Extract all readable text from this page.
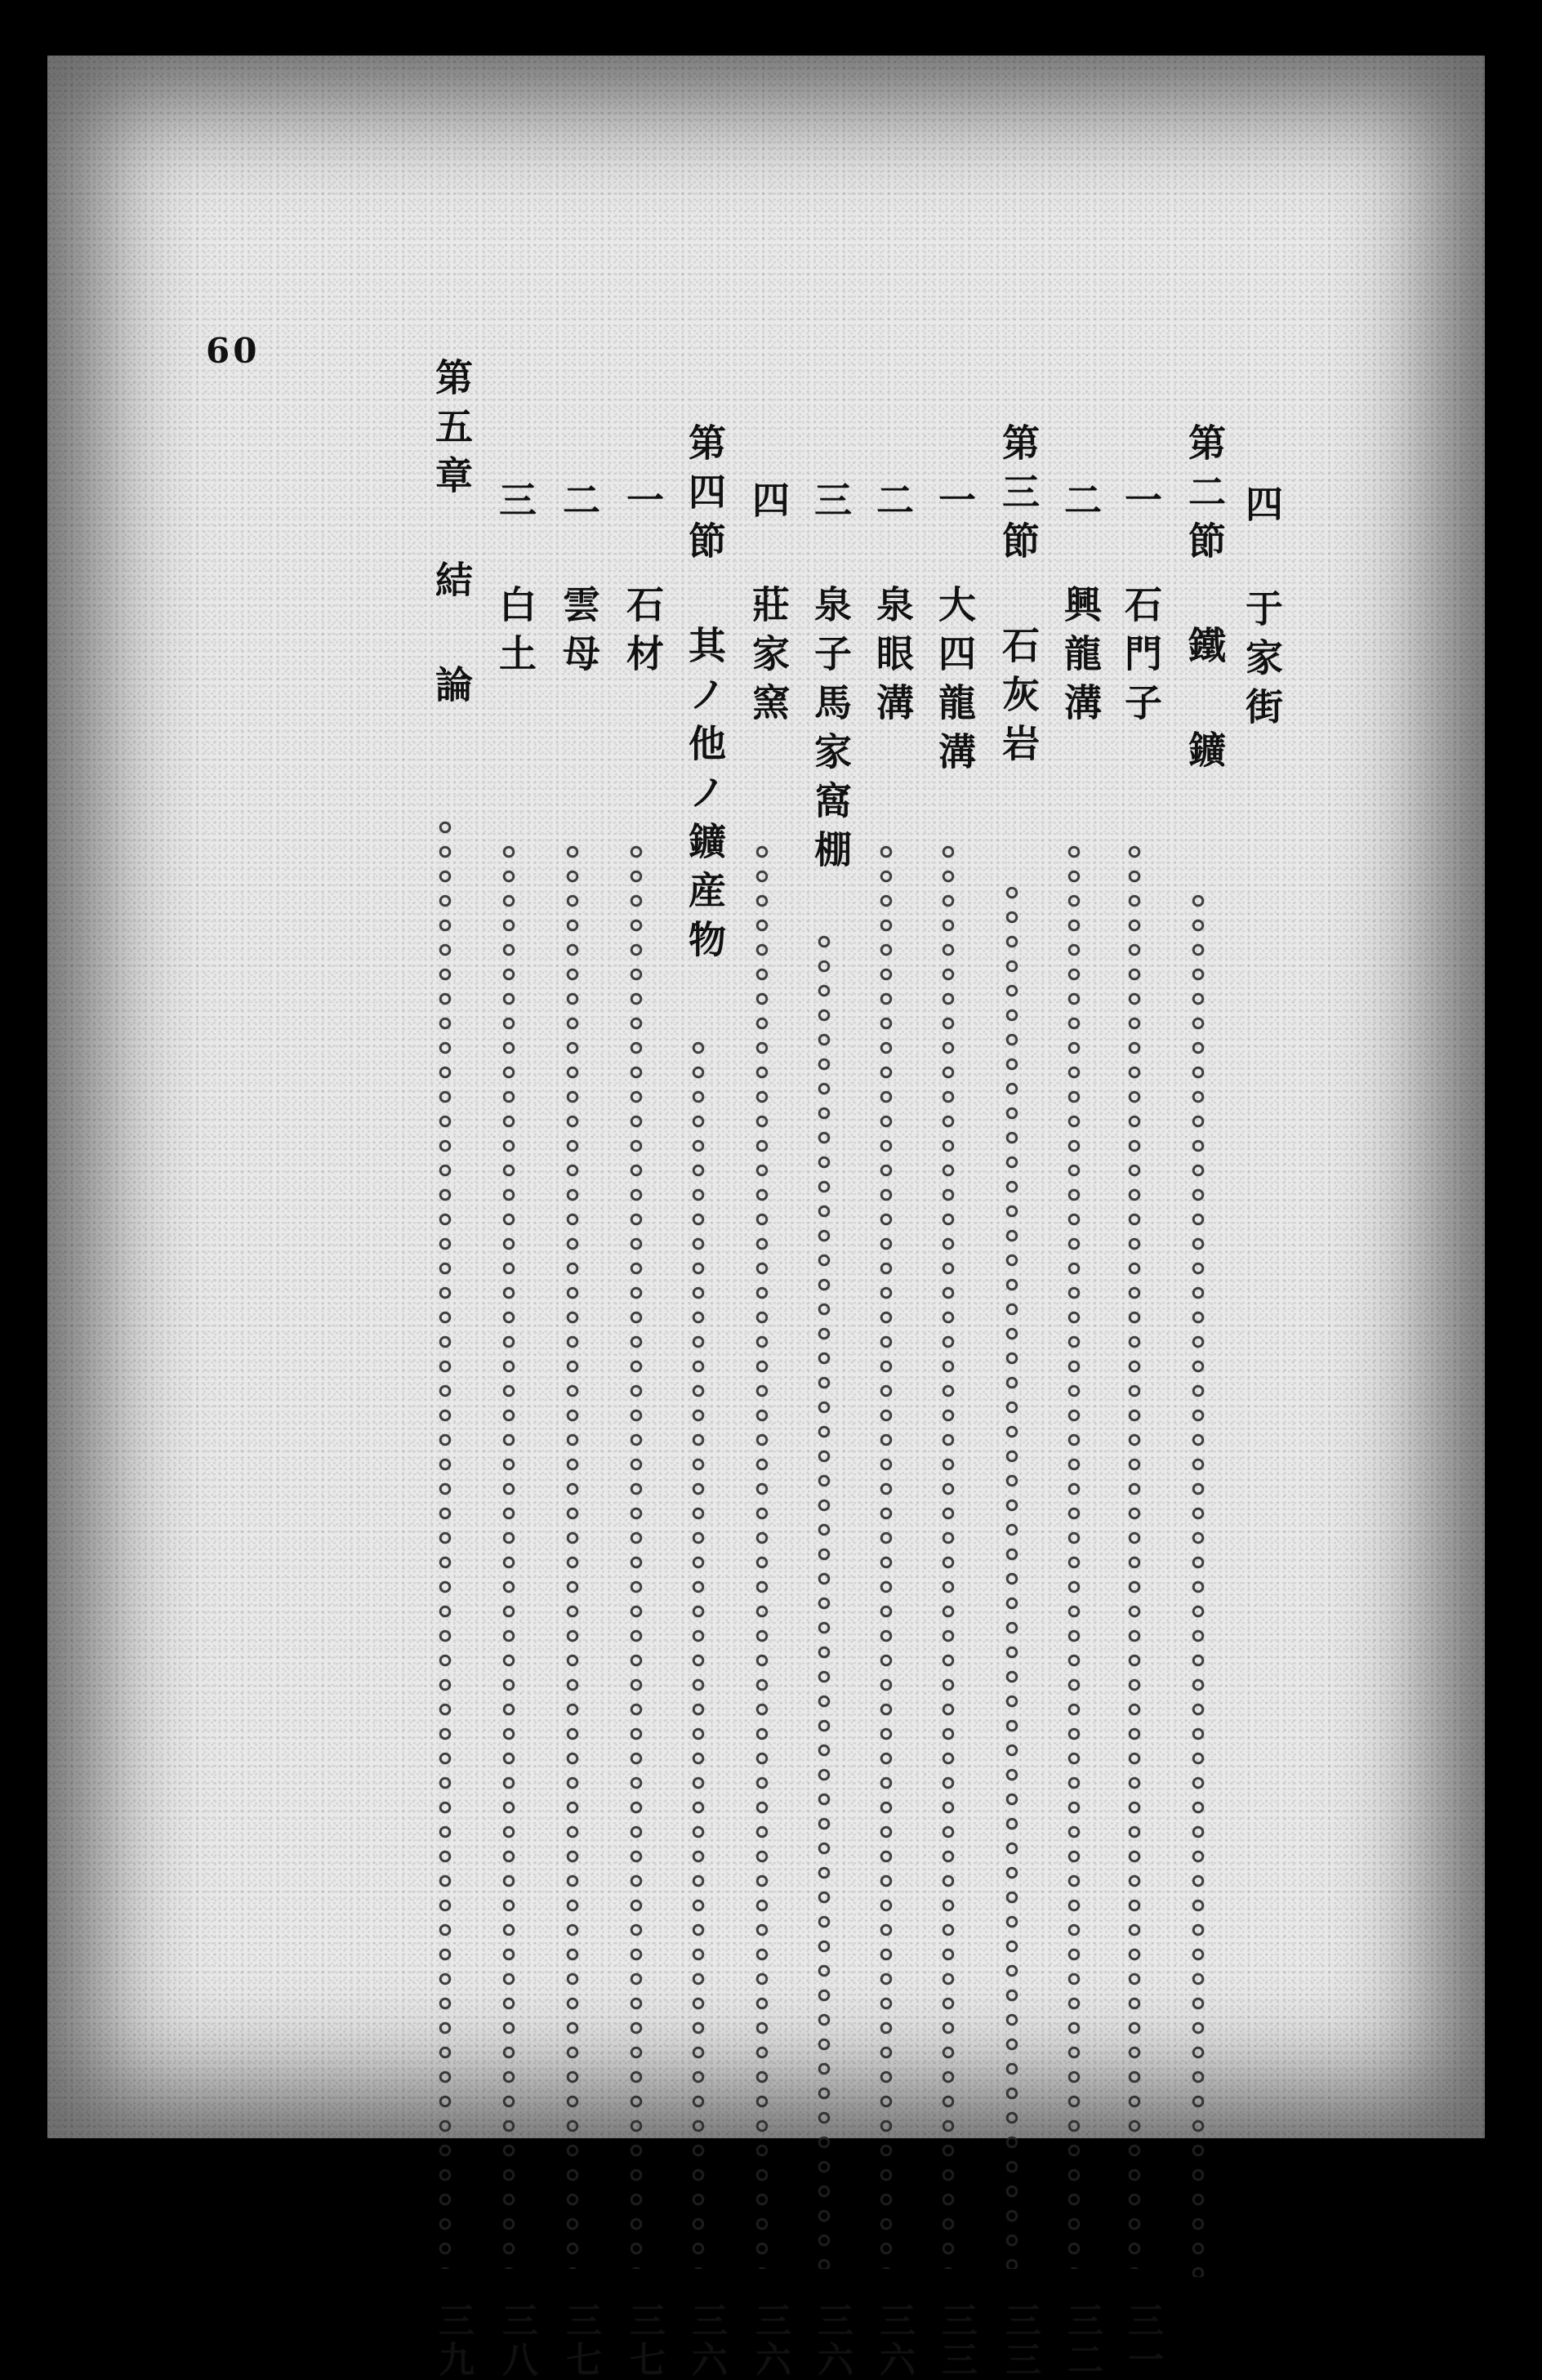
09
四 于家街
第二節 鐵 鑛
一 石門子
三一
二 興龍溝
三二
第三節 石灰岩
三三
一 大四龍溝
三三
二 泉眼溝
三六
三 泉子馬家窩棚
三六
四 莊家窯
三六
第四節 其ノ他ノ鑛産物
三六
一 石材
三七
二 雲母
三七
三 白土
三八
第五章 結 論
三九
